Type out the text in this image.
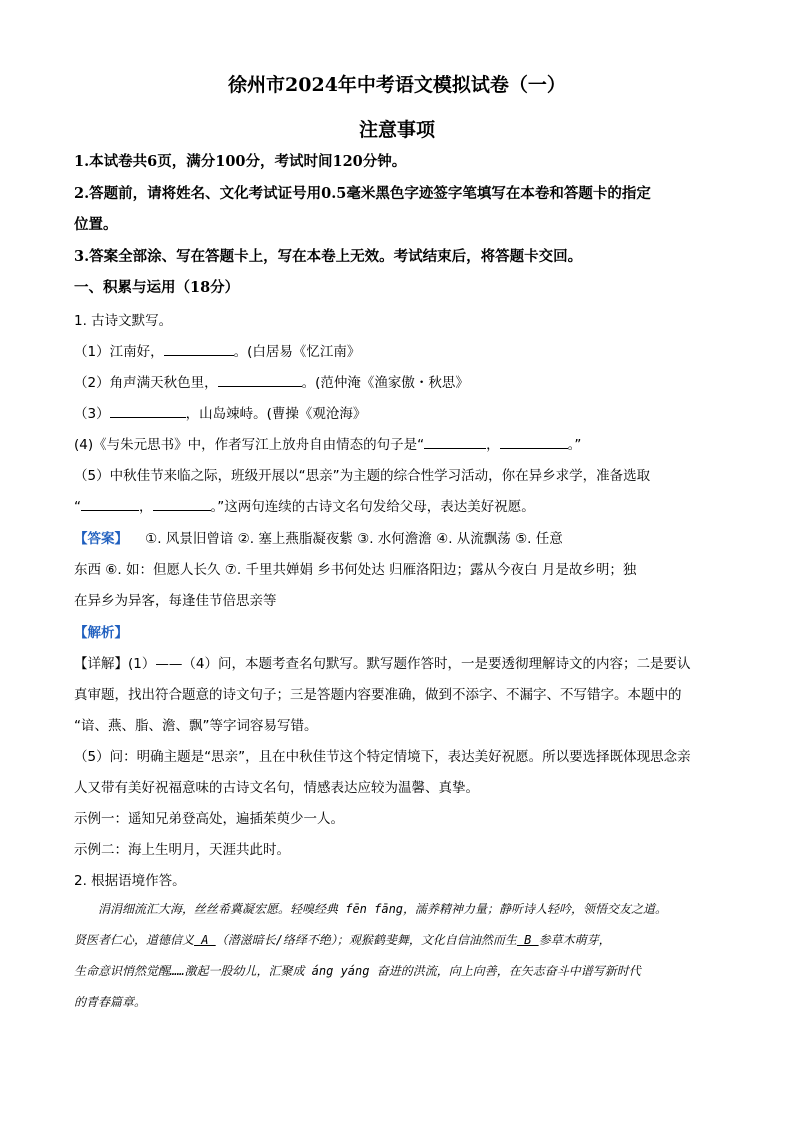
徐州市2024年中考语文模拟试卷（一）
注意事项
1.本试卷共6页，满分100分，考试时间120分钟。
2.答题前，请将姓名、文化考试证号用0.5毫米黑色字迹签字笔填写在本卷和答题卡的指定
位置。
3.答案全部涂、写在答题卡上，写在本卷上无效。考试结束后，将答题卡交回。
一、积累与运用（18分）
1. 古诗文默写。
（1）江南好，	。(白居易《忆江南》
（2）角声满天秋色里，	。(范仲淹《渔家傲・秋思》
（3）	，山岛竦峙。(曹操《观沧海》
(4)《与朱元思书》中，作者写江上放舟自由情态的句子是“	，	。”
（5）中秋佳节来临之际，班级开展以“思亲”为主题的综合性学习活动，你在异乡求学，准备选取
“	，	。”这两句连续的古诗文名句发给父母，表达美好祝愿。
【答案】 ①. 风景旧曾谙 ②. 塞上燕脂凝夜紫 ③. 水何澹澹 ④. 从流飘荡 ⑤. 任意
东西 ⑥. 如：但愿人长久 ⑦. 千里共婵娟 乡书何处达 归雁洛阳边；露从今夜白 月是故乡明；独
在异乡为异客，每逢佳节倍思亲等
【解析】
【详解】(1）——（4）问，本题考查名句默写。默写题作答时，一是要透彻理解诗文的内容；二是要认
真审题，找出符合题意的诗文句子；三是答题内容要准确，做到不添字、不漏字、不写错字。本题中的
“谙、燕、脂、澹、飘”等字词容易写错。
（5）问：明确主题是“思亲”，且在中秋佳节这个特定情境下，表达美好祝愿。所以要选择既体现思念亲
人又带有美好祝福意味的古诗文名句，情感表达应较为温馨、真挚。
示例一：遥知兄弟登高处，遍插茱萸少一人。
示例二：海上生明月，天涯共此时。
2. 根据语境作答。

涓涓细流汇大海，丝丝希冀凝宏愿。轻嗅经典 fēn fāng，濡养精神力量；静听诗人轻吟，领悟交友之道。

贤医者仁心，道德信义 A （潜滋暗长/络绎不绝）；观猴鹤斐舞，文化自信油然而生 B 参草木萌芽，

生命意识悄然觉醒……激起一股幼儿，汇聚成 áng yáng 奋进的洪流，向上向善，在矢志奋斗中谱写新时代

的青春篇章。
